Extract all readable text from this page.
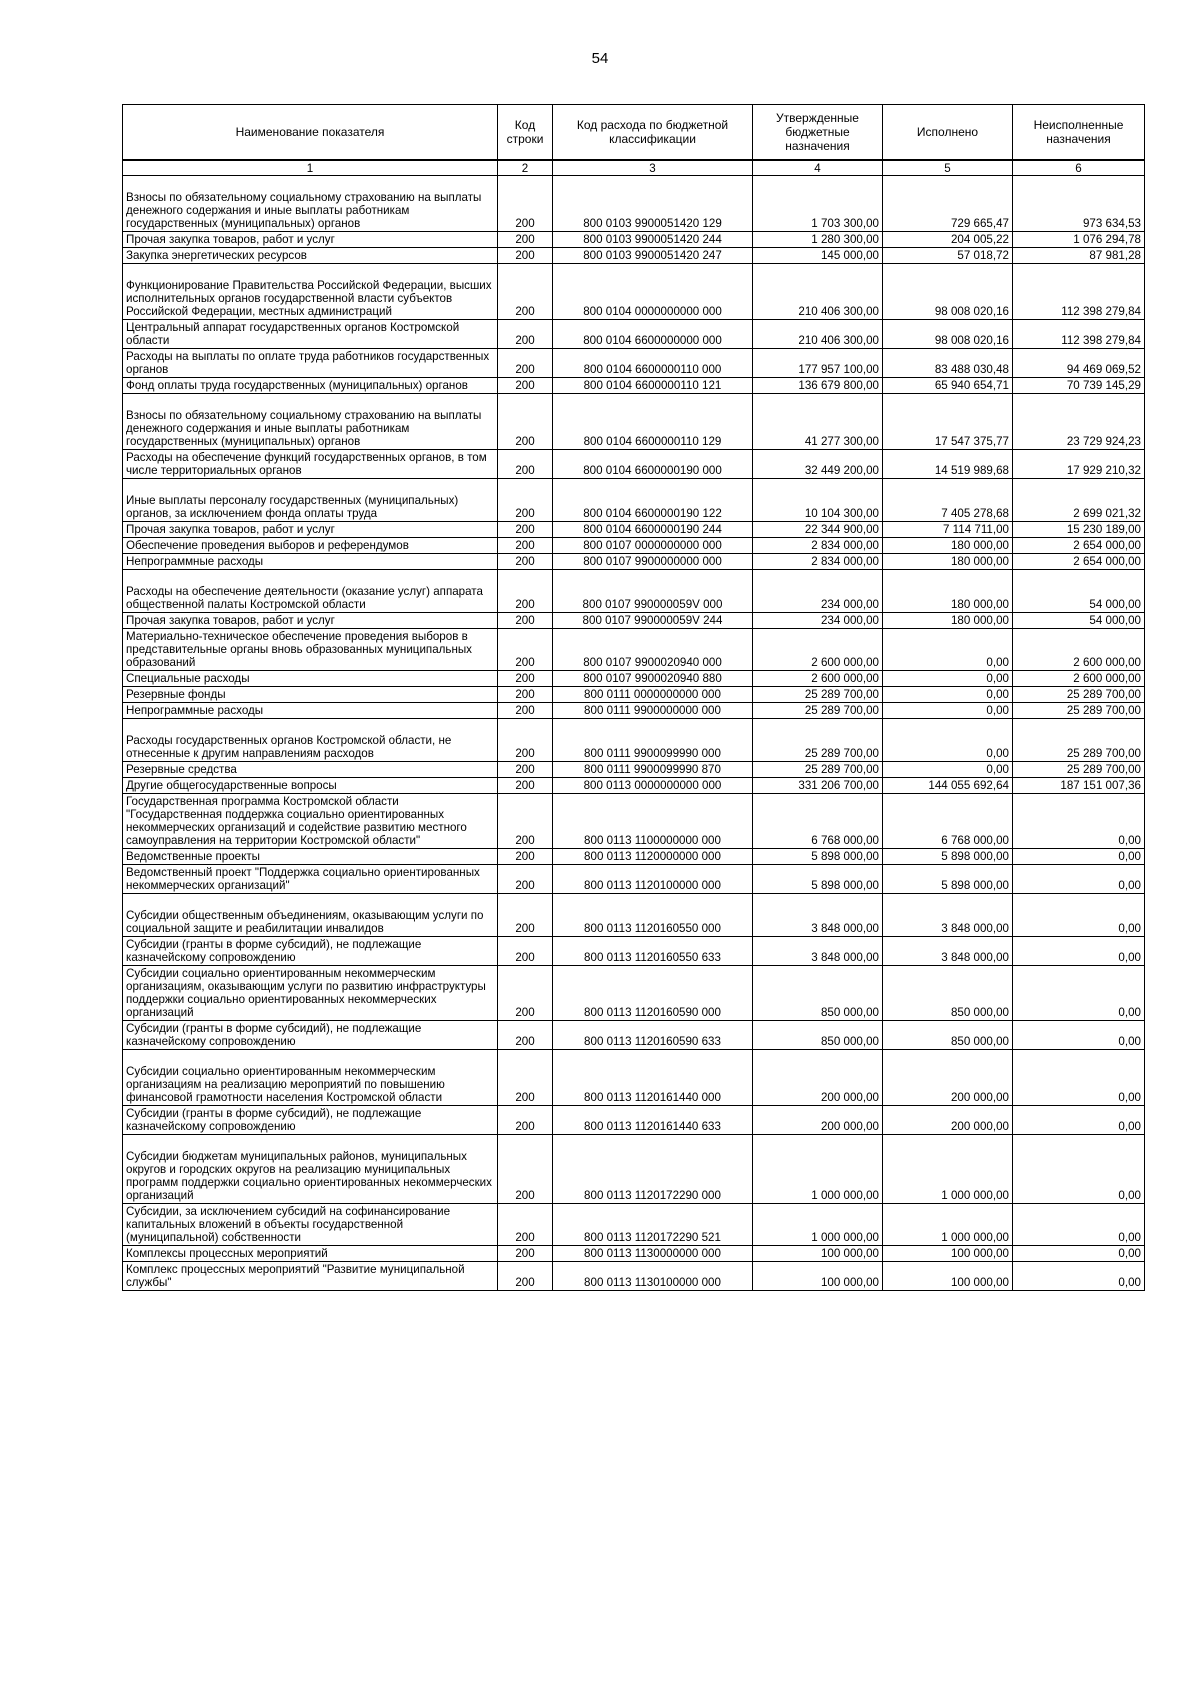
54
Наименование показателя	Код строки	Код расхода по бюджетной классификации	Утвержденные бюджетные назначения	Исполнено	Неисполненные назначения
1	2	3	4	5	6
Взносы по обязательному социальному страхованию на выплаты денежного содержания и иные выплаты работникам государственных (муниципальных) органов	200	800 0103 9900051420 129	1 703 300,00	729 665,47	973 634,53
Прочая закупка товаров, работ и услуг	200	800 0103 9900051420 244	1 280 300,00	204 005,22	1 076 294,78
Закупка энергетических ресурсов	200	800 0103 9900051420 247	145 000,00	57 018,72	87 981,28
Функционирование Правительства Российской Федерации, высших исполнительных органов государственной власти субъектов Российской Федерации, местных администраций	200	800 0104 0000000000 000	210 406 300,00	98 008 020,16	112 398 279,84
Центральный аппарат государственных органов Костромской области	200	800 0104 6600000000 000	210 406 300,00	98 008 020,16	112 398 279,84
Расходы на выплаты по оплате труда работников государственных органов	200	800 0104 6600000110 000	177 957 100,00	83 488 030,48	94 469 069,52
Фонд оплаты труда государственных (муниципальных) органов	200	800 0104 6600000110 121	136 679 800,00	65 940 654,71	70 739 145,29
Взносы по обязательному социальному страхованию на выплаты денежного содержания и иные выплаты работникам государственных (муниципальных) органов	200	800 0104 6600000110 129	41 277 300,00	17 547 375,77	23 729 924,23
Расходы на обеспечение функций государственных органов, в том числе территориальных органов	200	800 0104 6600000190 000	32 449 200,00	14 519 989,68	17 929 210,32
Иные выплаты персоналу государственных (муниципальных) органов, за исключением фонда оплаты труда	200	800 0104 6600000190 122	10 104 300,00	7 405 278,68	2 699 021,32
Прочая закупка товаров, работ и услуг	200	800 0104 6600000190 244	22 344 900,00	7 114 711,00	15 230 189,00
Обеспечение проведения выборов и референдумов	200	800 0107 0000000000 000	2 834 000,00	180 000,00	2 654 000,00
Непрограммные расходы	200	800 0107 9900000000 000	2 834 000,00	180 000,00	2 654 000,00
Расходы на обеспечение деятельности (оказание услуг) аппарата общественной палаты Костромской области	200	800 0107 990000059V 000	234 000,00	180 000,00	54 000,00
Прочая закупка товаров, работ и услуг	200	800 0107 990000059V 244	234 000,00	180 000,00	54 000,00
Материально-техническое обеспечение проведения выборов в представительные органы вновь образованных муниципальных образований	200	800 0107 9900020940 000	2 600 000,00	0,00	2 600 000,00
Специальные расходы	200	800 0107 9900020940 880	2 600 000,00	0,00	2 600 000,00
Резервные фонды	200	800 0111 0000000000 000	25 289 700,00	0,00	25 289 700,00
Непрограммные расходы	200	800 0111 9900000000 000	25 289 700,00	0,00	25 289 700,00
Расходы государственных органов Костромской области, не отнесенные к другим направлениям расходов	200	800 0111 9900099990 000	25 289 700,00	0,00	25 289 700,00
Резервные средства	200	800 0111 9900099990 870	25 289 700,00	0,00	25 289 700,00
Другие общегосударственные вопросы	200	800 0113 0000000000 000	331 206 700,00	144 055 692,64	187 151 007,36
Государственная программа Костромской области "Государственная поддержка социально ориентированных некоммерческих организаций и содействие развитию местного самоуправления на территории Костромской области"	200	800 0113 1100000000 000	6 768 000,00	6 768 000,00	0,00
Ведомственные проекты	200	800 0113 1120000000 000	5 898 000,00	5 898 000,00	0,00
Ведомственный проект "Поддержка социально ориентированных некоммерческих организаций"	200	800 0113 1120100000 000	5 898 000,00	5 898 000,00	0,00
Субсидии общественным объединениям, оказывающим услуги по социальной защите и реабилитации инвалидов	200	800 0113 1120160550 000	3 848 000,00	3 848 000,00	0,00
Субсидии (гранты в форме субсидий), не подлежащие казначейскому сопровождению	200	800 0113 1120160550 633	3 848 000,00	3 848 000,00	0,00
Субсидии социально ориентированным некоммерческим организациям, оказывающим услуги по развитию инфраструктуры поддержки социально ориентированных некоммерческих организаций	200	800 0113 1120160590 000	850 000,00	850 000,00	0,00
Субсидии (гранты в форме субсидий), не подлежащие казначейскому сопровождению	200	800 0113 1120160590 633	850 000,00	850 000,00	0,00
Субсидии социально ориентированным некоммерческим организациям на реализацию мероприятий по повышению финансовой грамотности населения Костромской области	200	800 0113 1120161440 000	200 000,00	200 000,00	0,00
Субсидии (гранты в форме субсидий), не подлежащие казначейскому сопровождению	200	800 0113 1120161440 633	200 000,00	200 000,00	0,00
Субсидии бюджетам муниципальных районов, муниципальных округов и городских округов на реализацию муниципальных программ поддержки социально ориентированных некоммерческих организаций	200	800 0113 1120172290 000	1 000 000,00	1 000 000,00	0,00
Субсидии, за исключением субсидий на софинансирование капитальных вложений в объекты государственной (муниципальной) собственности	200	800 0113 1120172290 521	1 000 000,00	1 000 000,00	0,00
Комплексы процессных мероприятий	200	800 0113 1130000000 000	100 000,00	100 000,00	0,00
Комплекс процессных мероприятий "Развитие муниципальной службы"	200	800 0113 1130100000 000	100 000,00	100 000,00	0,00
